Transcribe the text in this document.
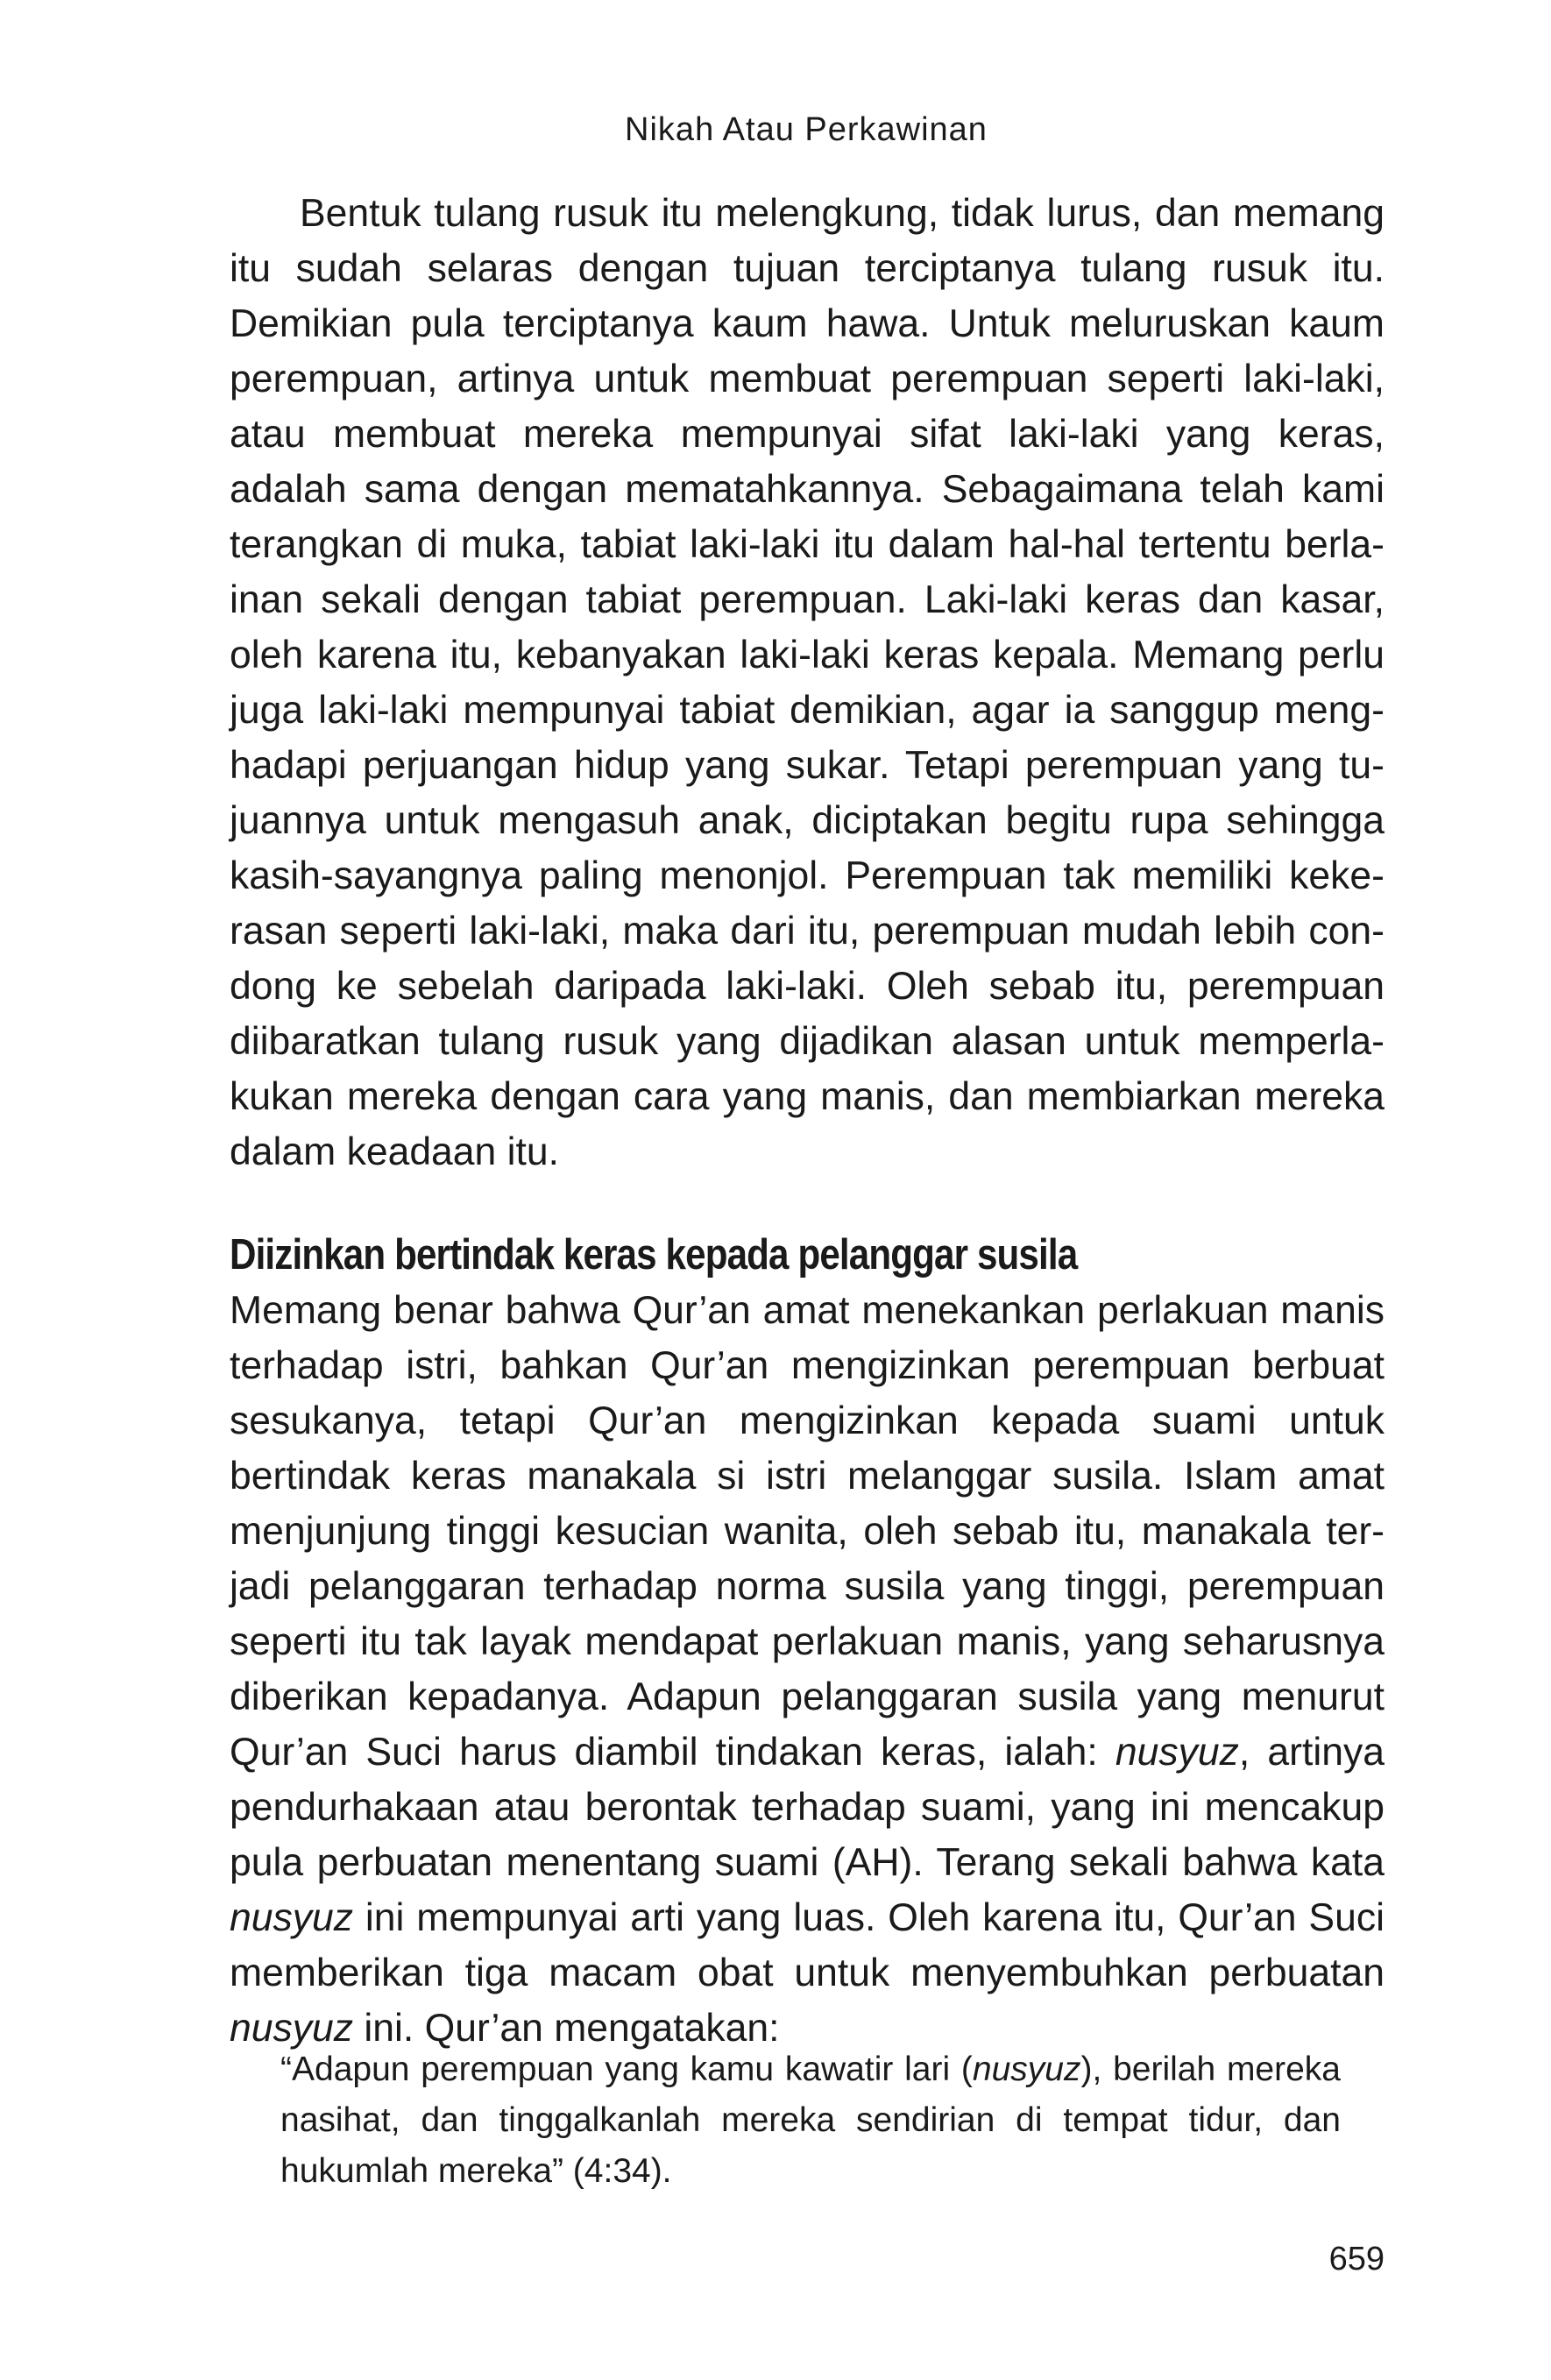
Nikah Atau Perkawinan

Bentuk tulang rusuk itu melengkung, tidak lurus, dan memang itu sudah selaras dengan tujuan terciptanya tulang rusuk itu. Demikian pula terciptanya kaum hawa. Untuk meluruskan kaum perempuan, artinya untuk membuat perempuan seperti laki-laki, atau membuat mereka mempunyai sifat laki-laki yang keras, adalah sama dengan mematahkannya. Sebagaimana telah kami terangkan di muka, tabiat laki-laki itu dalam hal-hal tertentu berlainan sekali dengan tabiat perempuan. Laki-laki keras dan kasar, oleh karena itu, kebanyakan laki-laki keras kepala. Memang perlu juga laki-laki mempunyai tabiat demikian, agar ia sanggup menghadapi perjuangan hidup yang sukar. Tetapi perempuan yang tujuannya untuk mengasuh anak, diciptakan begitu rupa sehingga kasih-sayangnya paling menonjol. Perempuan tak memiliki kekerasan seperti laki-laki, maka dari itu, perempuan mudah lebih condong ke sebelah daripada laki-laki. Oleh sebab itu, perempuan diibaratkan tulang rusuk yang dijadikan alasan untuk memperlakukan mereka dengan cara yang manis, dan membiarkan mereka dalam keadaan itu.

Diizinkan bertindak keras kepada pelanggar susila

Memang benar bahwa Qur’an amat menekankan perlakuan manis terhadap istri, bahkan Qur’an mengizinkan perempuan berbuat sesukanya, tetapi Qur’an mengizinkan kepada suami untuk bertindak keras manakala si istri melanggar susila. Islam amat menjunjung tinggi kesucian wanita, oleh sebab itu, manakala terjadi pelanggaran terhadap norma susila yang tinggi, perempuan seperti itu tak layak mendapat perlakuan manis, yang seharusnya diberikan kepadanya. Adapun pelanggaran susila yang menurut Qur’an Suci harus diambil tindakan keras, ialah: nusyuz, artinya pendurhakaan atau berontak terhadap suami, yang ini mencakup pula perbuatan menentang suami (AH). Terang sekali bahwa kata nusyuz ini mempunyai arti yang luas. Oleh karena itu, Qur’an Suci memberikan tiga macam obat untuk menyembuhkan perbuatan nusyuz ini. Qur’an mengatakan:

“Adapun perempuan yang kamu kawatir lari (nusyuz), berilah mereka nasihat, dan tinggalkanlah mereka sendirian di tempat tidur, dan hukumlah mereka” (4:34).

659
